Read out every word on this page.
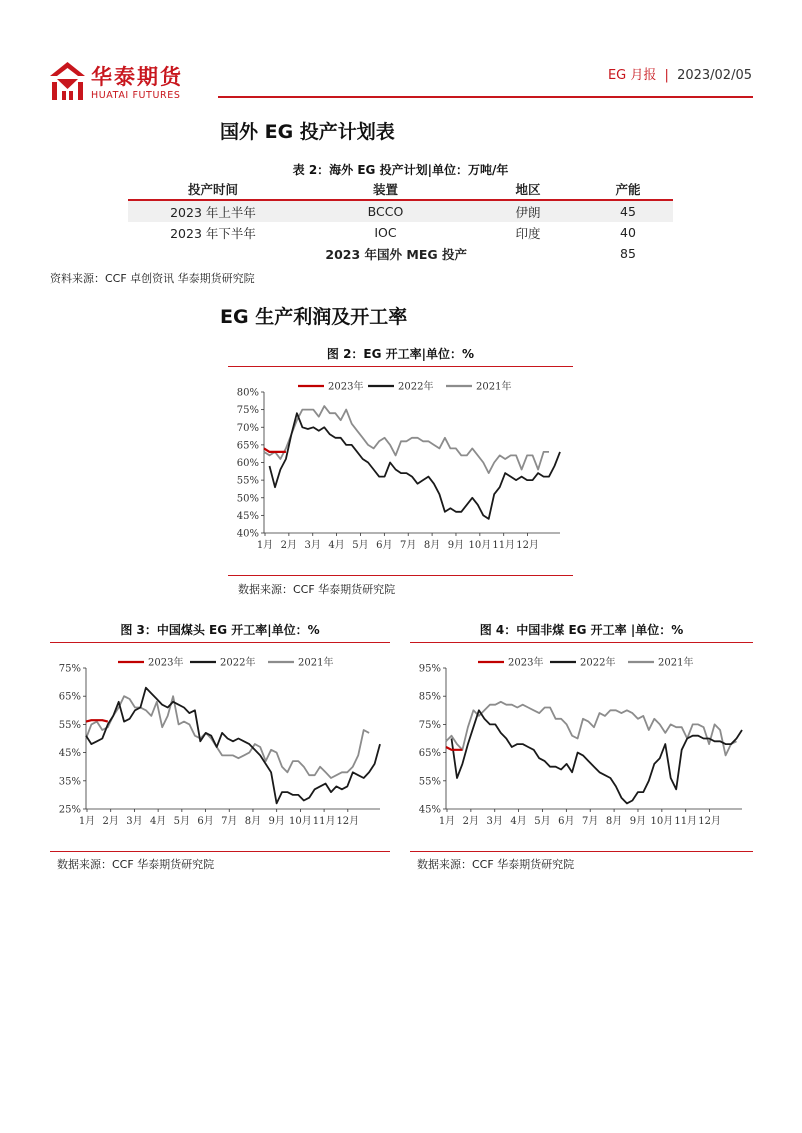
华泰期货
HUATAI FUTURES
EG 月报 | 2023/02/05
国外 EG 投产计划表
表 2：海外 EG 投产计划|单位：万吨/年
投产时间	装置	地区	产能
2023 年上半年	BCCO	伊朗	45
2023 年下半年	IOC	印度	40
2023 年国外 MEG 投产			85
资料来源：CCF 卓创资讯 华泰期货研究院
EG 生产利润及开工率
图 2：EG 开工率|单位：%
40%
45%
50%
55%
60%
65%
70%
75%
80%
1月 2月 3月 4月 5月 6月 7月 8月 9月 10月 11月 12月
2023年	2022年	2021年
数据来源：CCF 华泰期货研究院
图 3：中国煤头 EG 开工率|单位：%
25%
35%
45%
55%
65%
75%
1月 2月 3月 4月 5月 6月 7月 8月 9月 10月 11月 12月
2023年	2022年	2021年
数据来源：CCF 华泰期货研究院
图 4：中国非煤 EG 开工率 |单位：%
45%
55%
65%
75%
85%
95%
1月 2月 3月 4月 5月 6月 7月 8月 9月 10月 11月 12月
2023年	2022年	2021年
数据来源：CCF 华泰期货研究院
